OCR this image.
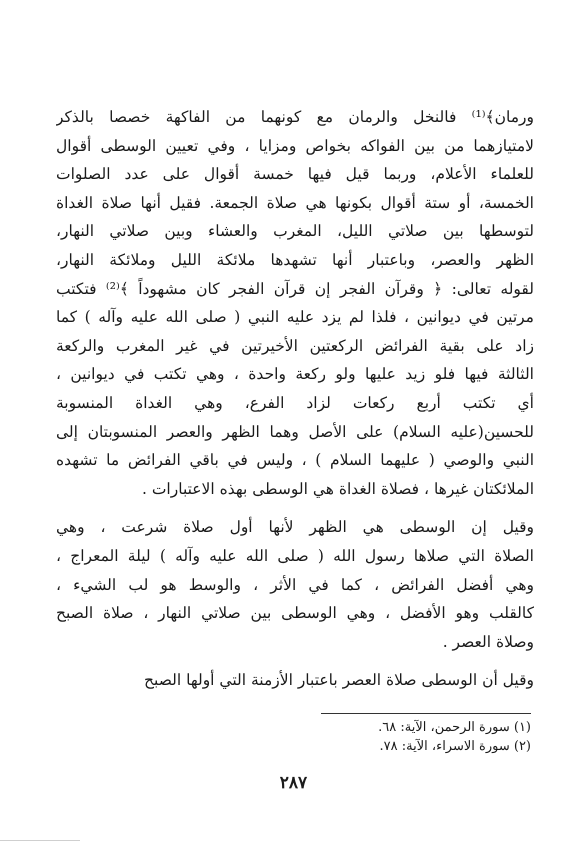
ورمان﴾⁽¹⁾ فالنخل والرمان مع كونهما من الفاكهة خصصا بالذكر
لامتيازهما من بين الفواكه بخواص ومزايا ، وفي تعيين الوسطى أقوال
للعلماء الأعلام، وربما قيل فيها خمسة أقوال على عدد الصلوات
الخمسة، أو ستة أقوال بكونها هي صلاة الجمعة. فقيل أنها صلاة الغداة
لتوسطها بين صلاتي الليل، المغرب والعشاء وبين صلاتي النهار،
الظهر والعصر، وباعتبار أنها تشهدها ملائكة الليل وملائكة النهار،
لقوله تعالى: ﴿ وقرآن الفجر إن قرآن الفجر كان مشهوداً ﴾⁽²⁾ فتكتب
مرتين في ديوانين ، فلذا لم يزد عليه النبي ( صلى الله عليه وآله ) كما
زاد على بقية الفرائض الركعتين الأخيرتين في غير المغرب والركعة
الثالثة فيها فلو زيد عليها ولو ركعة واحدة ، وهي تكتب في ديوانين ،
أي تكتب أربع ركعات لزاد الفرع، وهي الغداة المنسوبة
للحسين(عليه السلام) على الأصل وهما الظهر والعصر المنسوبتان إلى
النبي والوصي ( عليهما السلام ) ، وليس في باقي الفرائض ما تشهده
الملائكتان غيرها ، فصلاة الغداة هي الوسطى بهذه الاعتبارات .
وقيل إن الوسطى هي الظهر لأنها أول صلاة شرعت ، وهي
الصلاة التي صلاها رسول الله ( صلى الله عليه وآله ) ليلة المعراج ،
وهي أفضل الفرائض ، كما في الأثر ، والوسط هو لب الشيء ،
كالقلب وهو الأفضل ، وهي الوسطى بين صلاتي النهار ، صلاة الصبح
وصلاة العصر .
وقيل أن الوسطى صلاة العصر باعتبار الأزمنة التي أولها الصبح
(١) سورة الرحمن، الآية: ٦٨.
(٢) سورة الاسراء، الآية: ٧٨.
٢٨٧
